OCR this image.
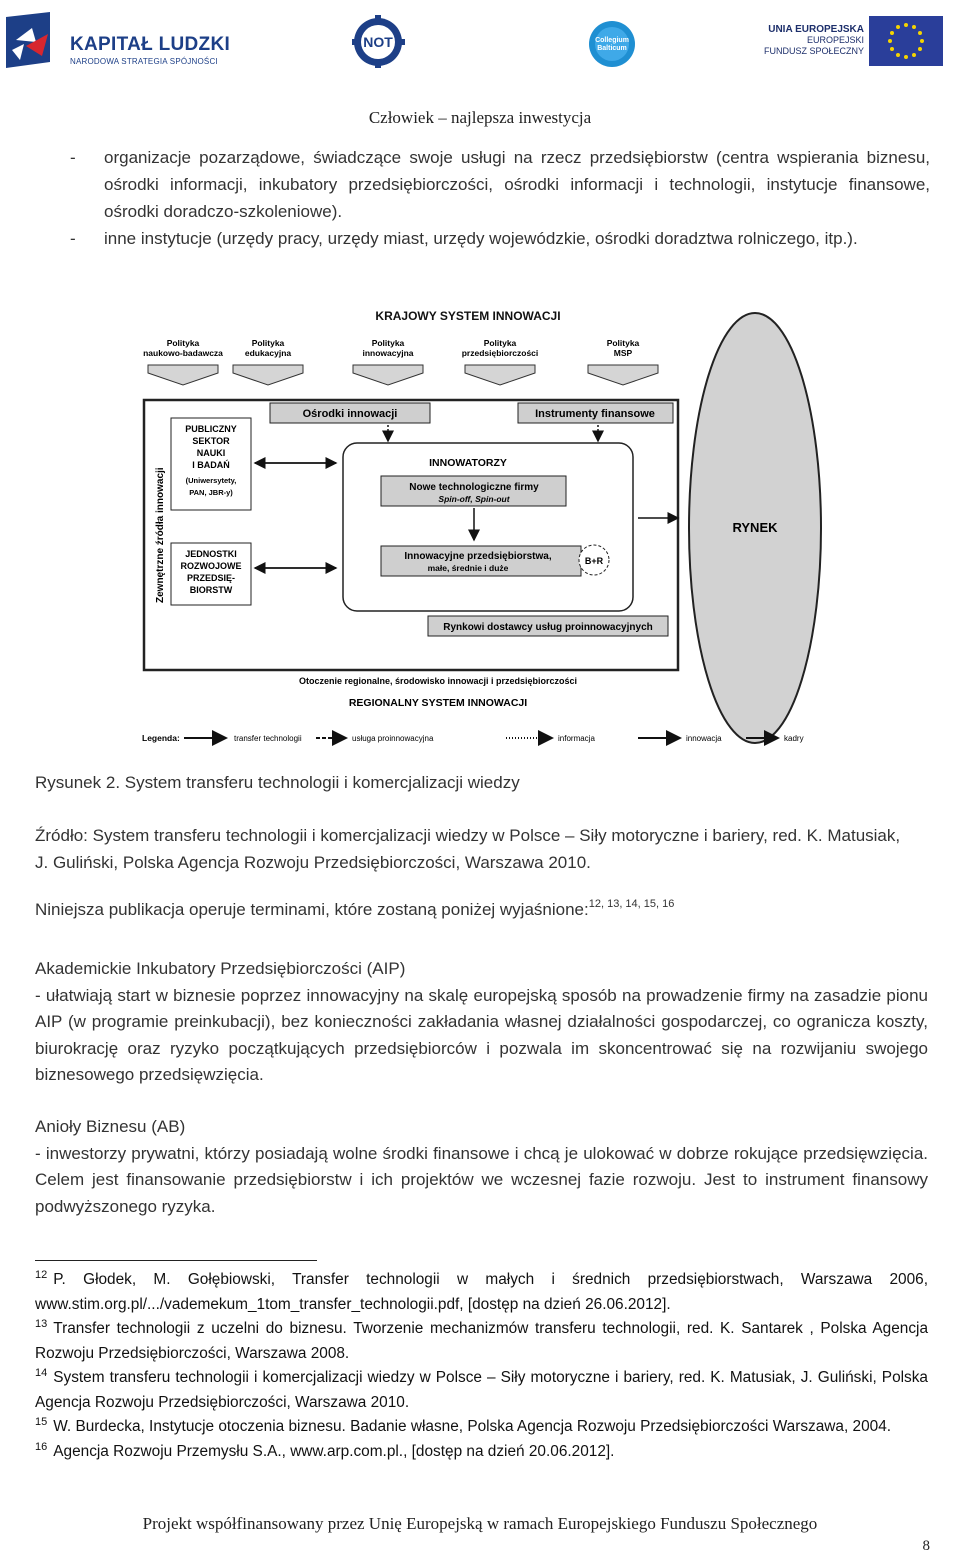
KAPITAŁ LUDZKI
NARODOWA STRATEGIA SPÓJNOŚCI
NOT	Collegium
Balticum
UNIA EUROPEJSKA
EUROPEJSKI
FUNDUSZ SPOŁECZNY
Człowiek – najlepsza inwestycja
- organizacje pozarządowe, świadczące swoje usługi na rzecz przedsiębiorstw (centra wspierania biznesu, ośrodki informacji, inkubatory przedsiębiorczości, ośrodki informacji i technologii, instytucje finansowe, ośrodki doradczo-szkoleniowe).
- inne instytucje (urzędy pracy, urzędy miast, urzędy wojewódzkie, ośrodki doradztwa rolniczego, itp.).
KRAJOWY SYSTEM INNOWACJI
Polityka
naukowo-badawcza
Polityka
edukacyjna
Polityka
innowacyjna
Polityka
przedsiębiorczości
Polityka
MSP
Zewnętrzne źródła innowacji
PUBLICZNY
SEKTOR
NAUKI
I BADAŃ
(Uniwersytety,
PAN, JBR-y)
JEDNOSTKI
ROZWOJOWE
PRZEDSIĘ-
BIORSTW
Ośrodki innowacji	Instrumenty finansowe
INNOWATORZY
Nowe technologiczne firmy
Spin-off, Spin-out
Innowacyjne przedsiębiorstwa,
małe, średnie i duże
B+R
Rynkowi dostawcy usług proinnowacyjnych
RYNEK
Otoczenie regionalne, środowisko innowacji i przedsiębiorczości
REGIONALNY SYSTEM INNOWACJI
Legenda:	transfer technologii	usługa proinnowacyjna	informacja	innowacja	kadry
Rysunek 2. System transferu technologii i komercjalizacji wiedzy
Źródło: System transferu technologii i komercjalizacji wiedzy w Polsce – Siły motoryczne i bariery, red. K. Matusiak, J. Guliński, Polska Agencja Rozwoju Przedsiębiorczości, Warszawa 2010.
Niniejsza publikacja operuje terminami, które zostaną poniżej wyjaśnione:$^{12, 13, 14, 15, 16}$
Akademickie Inkubatory Przedsiębiorczości (AIP)
- ułatwiają start w biznesie poprzez innowacyjny na skalę europejską sposób na prowadzenie firmy na zasadzie pionu AIP (w programie preinkubacji), bez konieczności zakładania własnej działalności gospodarczej, co ogranicza koszty, biurokrację oraz ryzyko początkujących przedsiębiorców i pozwala im skoncentrować się na rozwijaniu swojego biznesowego przedsięwzięcia.
Anioły Biznesu (AB)
- inwestorzy prywatni, którzy posiadają wolne środki finansowe i chcą je ulokować w dobrze rokujące przedsięwzięcia. Celem jest finansowanie przedsiębiorstw i ich projektów we wczesnej fazie rozwoju. Jest to instrument finansowy podwyższonego ryzyka.
$^{12}$ P. Głodek, M. Gołębiowski, Transfer technologii w małych i średnich przedsiębiorstwach, Warszawa 2006, www.stim.org.pl/.../vademekum_1tom_transfer_technologii.pdf, [dostęp na dzień 26.06.2012].
$^{13}$ Transfer technologii z uczelni do biznesu. Tworzenie mechanizmów transferu technologii, red. K. Santarek , Polska Agencja Rozwoju Przedsiębiorczości, Warszawa 2008.
$^{14}$ System transferu technologii i komercjalizacji wiedzy w Polsce – Siły motoryczne i bariery, red. K. Matusiak, J. Guliński, Polska Agencja Rozwoju Przedsiębiorczości, Warszawa 2010.
$^{15}$ W. Burdecka, Instytucje otoczenia biznesu. Badanie własne, Polska Agencja Rozwoju Przedsiębiorczości Warszawa, 2004.
$^{16}$ Agencja Rozwoju Przemysłu S.A., www.arp.com.pl., [dostęp na dzień 20.06.2012].
Projekt współfinansowany przez Unię Europejską w ramach Europejskiego Funduszu Społecznego
8
